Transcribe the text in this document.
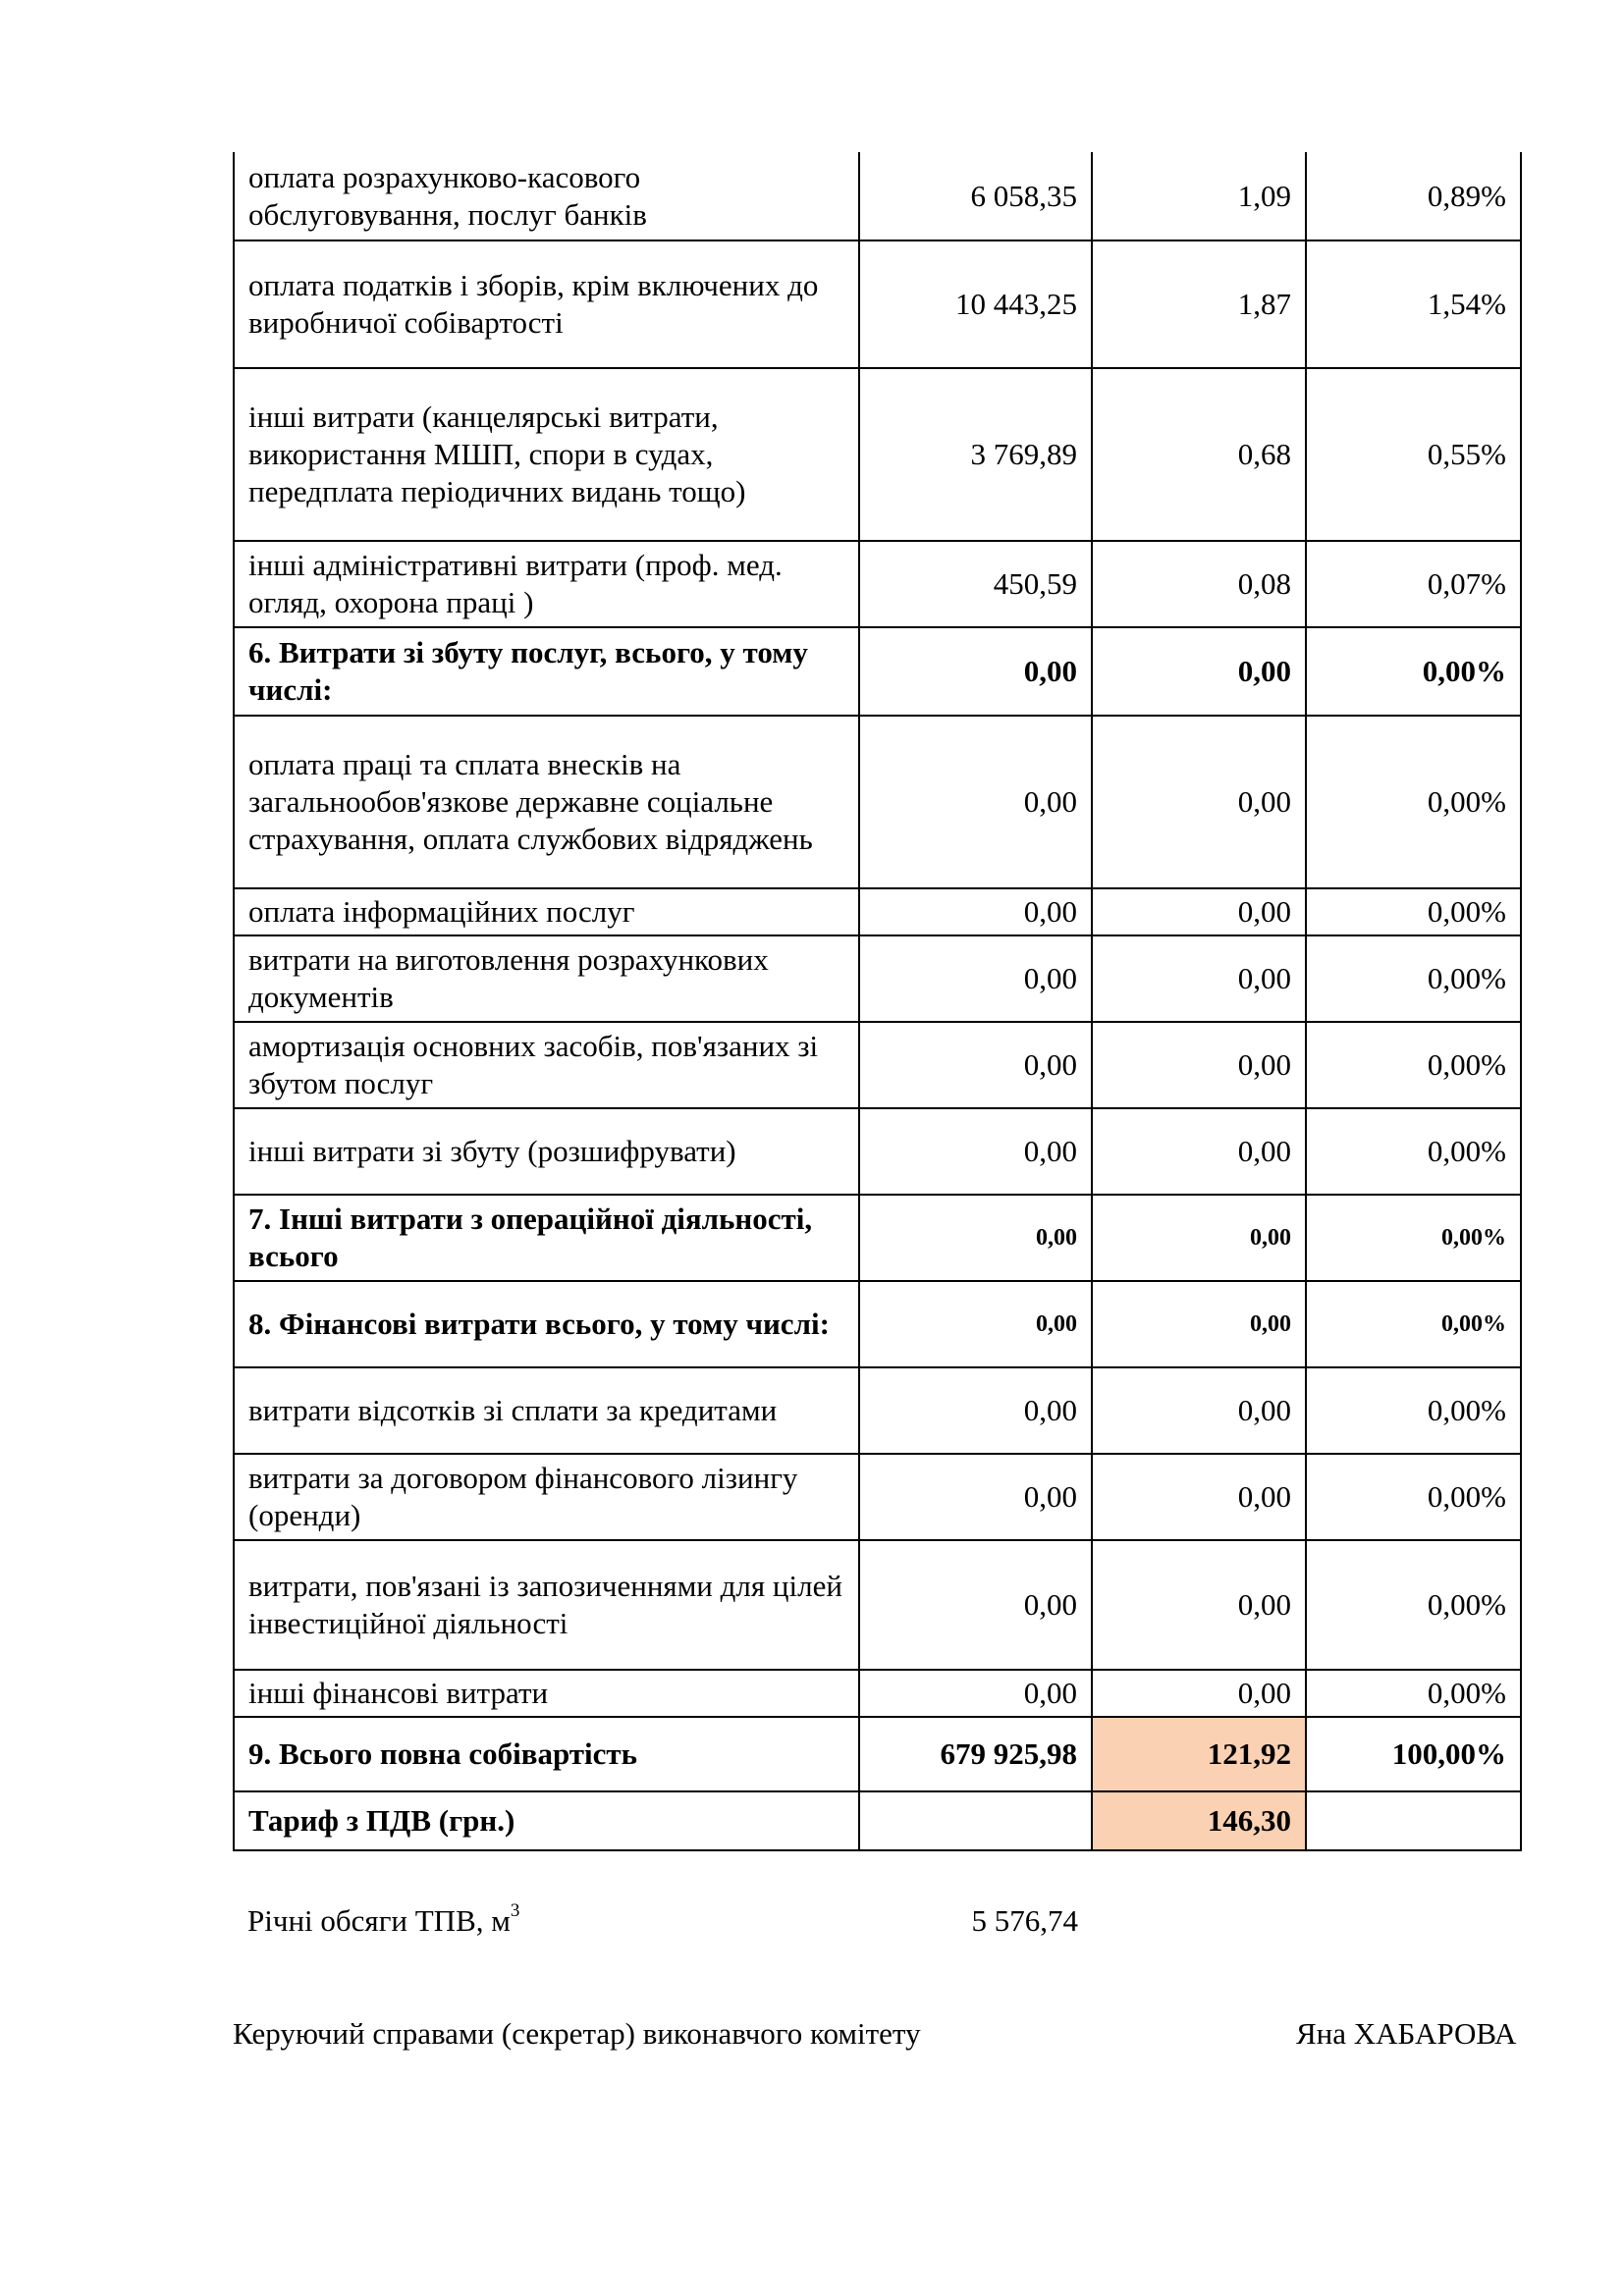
оплата розрахунково-касового обслуговування, послуг банків	6 058,35	1,09	0,89%
оплата податків і зборів, крім включених до виробничої собівартості	10 443,25	1,87	1,54%
інші витрати (канцелярські витрати, використання МШП, спори в судах, передплата періодичних видань тощо)	3 769,89	0,68	0,55%
інші адміністративні витрати (проф. мед. огляд, охорона праці )	450,59	0,08	0,07%
6. Витрати зі збуту послуг, всього, у тому числі:	0,00	0,00	0,00%
оплата праці та сплата внесків на загальнообов'язкове державне соціальне страхування, оплата службових відряджень	0,00	0,00	0,00%
оплата інформаційних послуг	0,00	0,00	0,00%
витрати на виготовлення розрахункових документів	0,00	0,00	0,00%
амортизація основних засобів, пов'язаних зі збутом послуг	0,00	0,00	0,00%
інші витрати зі збуту (розшифрувати)	0,00	0,00	0,00%
7. Інші витрати з операційної діяльності, всього	0,00	0,00	0,00%
8. Фінансові витрати всього, у тому числі:	0,00	0,00	0,00%
витрати відсотків зі сплати за кредитами	0,00	0,00	0,00%
витрати за договором фінансового лізингу (оренди)	0,00	0,00	0,00%
витрати, пов'язані із запозиченнями для цілей інвестиційної діяльності	0,00	0,00	0,00%
інші фінансові витрати	0,00	0,00	0,00%
9. Всього повна собівартість	679 925,98	121,92	100,00%
Тариф з ПДВ (грн.)		146,30	
Річні обсяги ТПВ, $м^3$	5 576,74
Керуючий справами (секретар) виконавчого комітету	Яна ХАБАРОВА
